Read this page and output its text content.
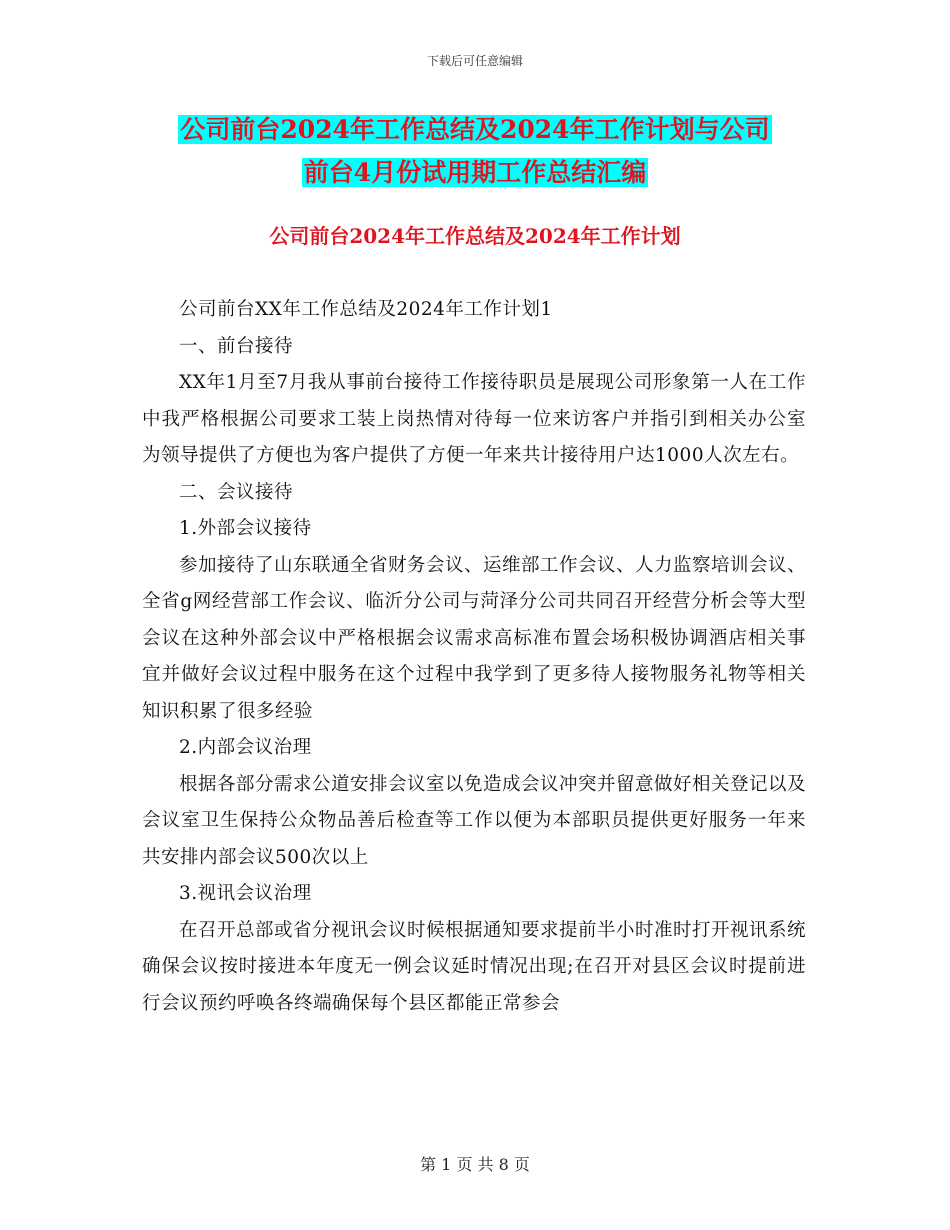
下载后可任意编辑
公司前台2024年工作总结及2024年工作计划与公司
前台4月份试用期工作总结汇编
公司前台2024年工作总结及2024年工作计划

公司前台XX年工作总结及2024年工作计划1

一、前台接待

XX年1月至7月我从事前台接待工作接待职员是展现公司形象第一人在工作中我严格根据公司要求工装上岗热情对待每一位来访客户并指引到相关办公室为领导提供了方便也为客户提供了方便一年来共计接待用户达1000人次左右。

二、会议接待

1.外部会议接待

参加接待了山东联通全省财务会议、运维部工作会议、人力监察培训会议、全省g网经营部工作会议、临沂分公司与菏泽分公司共同召开经营分析会等大型会议在这种外部会议中严格根据会议需求高标准布置会场积极协调酒店相关事宜并做好会议过程中服务在这个过程中我学到了更多待人接物服务礼物等相关知识积累了很多经验

2.内部会议治理

根据各部分需求公道安排会议室以免造成会议冲突并留意做好相关登记以及会议室卫生保持公众物品善后检查等工作以便为本部职员提供更好服务一年来共安排内部会议500次以上

3.视讯会议治理

在召开总部或省分视讯会议时候根据通知要求提前半小时准时打开视讯系统确保会议按时接进本年度无一例会议延时情况出现;在召开对县区会议时提前进行会议预约呼唤各终端确保每个县区都能正常参会

第 1 页 共 8 页
